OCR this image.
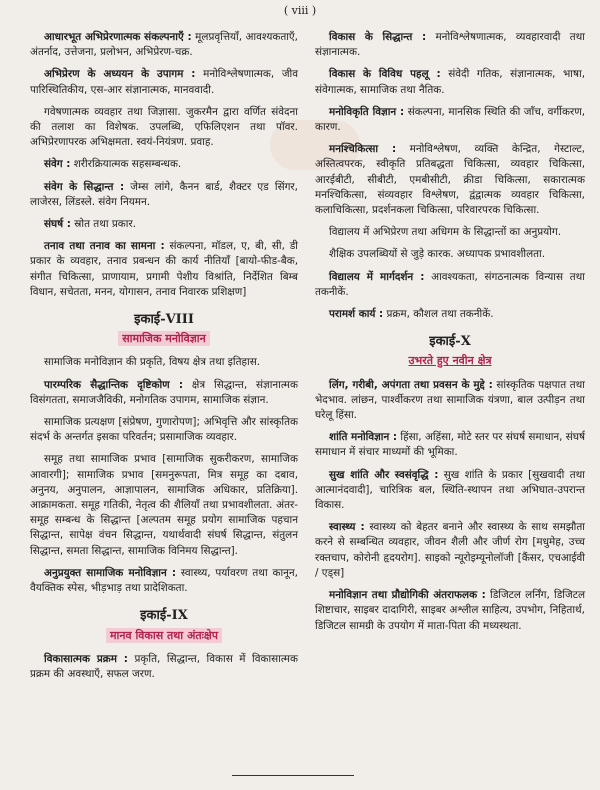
( viii )

आधारभूत अभिप्रेरणात्मक संकल्पनाएँ : मूलप्रवृत्तियाँ, आवश्यकताएँ, अंतर्नाद, उत्तेजना, प्रलोभन, अभिप्रेरण-चक्र.

अभिप्रेरण के अध्ययन के उपागम : मनोविश्लेषणात्मक, जीव पारिस्थितिकीय, एस-आर संज्ञानात्मक, मानववादी.

गवेषणात्मक व्यवहार तथा जिज्ञासा. जुकरमैन द्वारा वर्णित संवेदना की तलाश का विशेषक. उपलब्धि, एफिलिएशन तथा पॉवर. अभिप्रेरणापरक अभिक्षमता. स्वयं-नियंत्रण. प्रवाह.

संवेग : शरीरक्रियात्मक सहसम्बन्धक.

संवेग के सिद्धान्त : जेम्स लांगे, कैनन बार्ड, शैक्टर एड सिंगर, लाजेरस, लिंडस्ले. संवेग नियमन.

संघर्ष : स्रोत तथा प्रकार.

तनाव तथा तनाव का सामना : संकल्पना, मॉडल, ए, बी, सी, डी प्रकार के व्यवहार, तनाव प्रबन्धन की कार्य नीतियाँ [बायो-फीड-बैक, संगीत चिकित्सा, प्राणायाम, प्रगामी पेशीय विश्रांति, निर्देशित बिम्ब विधान, सचेतता, मनन, योगासन, तनाव निवारक प्रशिक्षण]

इकाई-VIII
सामाजिक मनोविज्ञान

सामाजिक मनोविज्ञान की प्रकृति, विषय क्षेत्र तथा इतिहास.

पारम्परिक सैद्धान्तिक दृष्टिकोण : क्षेत्र सिद्धान्त, संज्ञानात्मक विसंगतता, समाजजैविकी, मनोगतिक उपागम, सामाजिक संज्ञान.

सामाजिक प्रत्यक्षण [संप्रेषण, गुणारोपण]; अभिवृत्ति और सांस्कृतिक संदर्भ के अन्तर्गत इसका परिवर्तन; प्रसामाजिक व्यवहार.

समूह तथा सामाजिक प्रभाव [सामाजिक सुकरीकरण, सामाजिक आवारगी]; सामाजिक प्रभाव [समनुरूपता, मित्र समूह का दबाव, अनुनय, अनुपालन, आज्ञापालन, सामाजिक अधिकार, प्रतिक्रिया]. आक्रामकता. समूह गतिकी, नेतृत्व की शैलियाँ तथा प्रभावशीलता. अंतर-समूह सम्बन्ध के सिद्धान्त [अल्पतम समूह प्रयोग सामाजिक पहचान सिद्धान्त, सापेक्ष वंचन सिद्धान्त, यथार्थवादी संघर्ष सिद्धान्त, संतुलन सिद्धान्त, समता सिद्धान्त, सामाजिक विनिमय सिद्धान्त].

अनुप्रयुक्त सामाजिक मनोविज्ञान : स्वास्थ्य, पर्यावरण तथा कानून, वैयक्तिक स्पेस, भीड़भाड़ तथा प्रादेशिकता.

इकाई-IX
मानव विकास तथा अंतःक्षेप

विकासात्मक प्रक्रम : प्रकृति, सिद्धान्त, विकास में विकासात्मक प्रक्रम की अवस्थाएँ, सफल जरण.

विकास के सिद्धान्त : मनोविश्लेषणात्मक, व्यवहारवादी तथा संज्ञानात्मक.

विकास के विविध पहलू : संवेदी गतिक, संज्ञानात्मक, भाषा, संवेगात्मक, सामाजिक तथा नैतिक.

मनोविकृति विज्ञान : संकल्पना, मानसिक स्थिति की जाँच, वर्गीकरण, कारण.

मनश्चिकित्सा : मनोविश्लेषण, व्यक्ति केन्द्रित, गेस्टाल्ट, अस्तित्वपरक, स्वीकृति प्रतिबद्धता चिकित्सा, व्यवहार चिकित्सा, आरईबीटी, सीबीटी, एमबीसीटी, क्रीडा चिकित्सा, सकारात्मक मनश्चिकित्सा, संव्यवहार विश्लेषण, द्वंद्वात्मक व्यवहार चिकित्सा, कलाचिकित्सा, प्रदर्शनकला चिकित्सा, परिवारपरक चिकित्सा.

विद्यालय में अभिप्रेरण तथा अधिगम के सिद्धान्तों का अनुप्रयोग.

शैक्षिक उपलब्धियों से जुड़े कारक. अध्यापक प्रभावशीलता.

विद्यालय में मार्गदर्शन : आवश्यकता, संगठनात्मक विन्यास तथा तकनीकें.

परामर्श कार्य : प्रक्रम, कौशल तथा तकनीकें.

इकाई-X
उभरते हुए नवीन क्षेत्र

लिंग, गरीबी, अपंगता तथा प्रवसन के मुद्दे : सांस्कृतिक पक्षपात तथा भेदभाव. लांछन, पार्श्वीकरण तथा सामाजिक यंत्रणा, बाल उत्पीड़न तथा घरेलू हिंसा.

शांति मनोविज्ञान : हिंसा, अहिंसा, मोटे स्तर पर संघर्ष समाधान, संघर्ष समाधान में संचार माध्यमों की भूमिका.

सुख शांति और स्वसंवृद्धि : सुख शांति के प्रकार [सुखवादी तथा आत्मानंदवादी], चारित्रिक बल, स्थिति-स्थापन तथा अभिघात-उपरान्त विकास.

स्वास्थ्य : स्वास्थ्य को बेहतर बनाने और स्वास्थ्य के साथ समझौता करने से सम्बन्धित व्यवहार, जीवन शैली और जीर्ण रोग [मधुमेह, उच्च रक्तचाप, कोरोनी हृदयरोग]. साइको न्यूरोइम्यूनोलॉजी [कैंसर, एचआईवी / एड्स]

मनोविज्ञान तथा प्रौद्योगिकी अंतराफलक : डिजिटल लर्निंग, डिजिटल शिष्टाचार, साइबर दादागिरी, साइबर अश्लील साहित्य, उपभोग, निहितार्थ, डिजिटल सामग्री के उपयोग में माता-पिता की मध्यस्थता.
